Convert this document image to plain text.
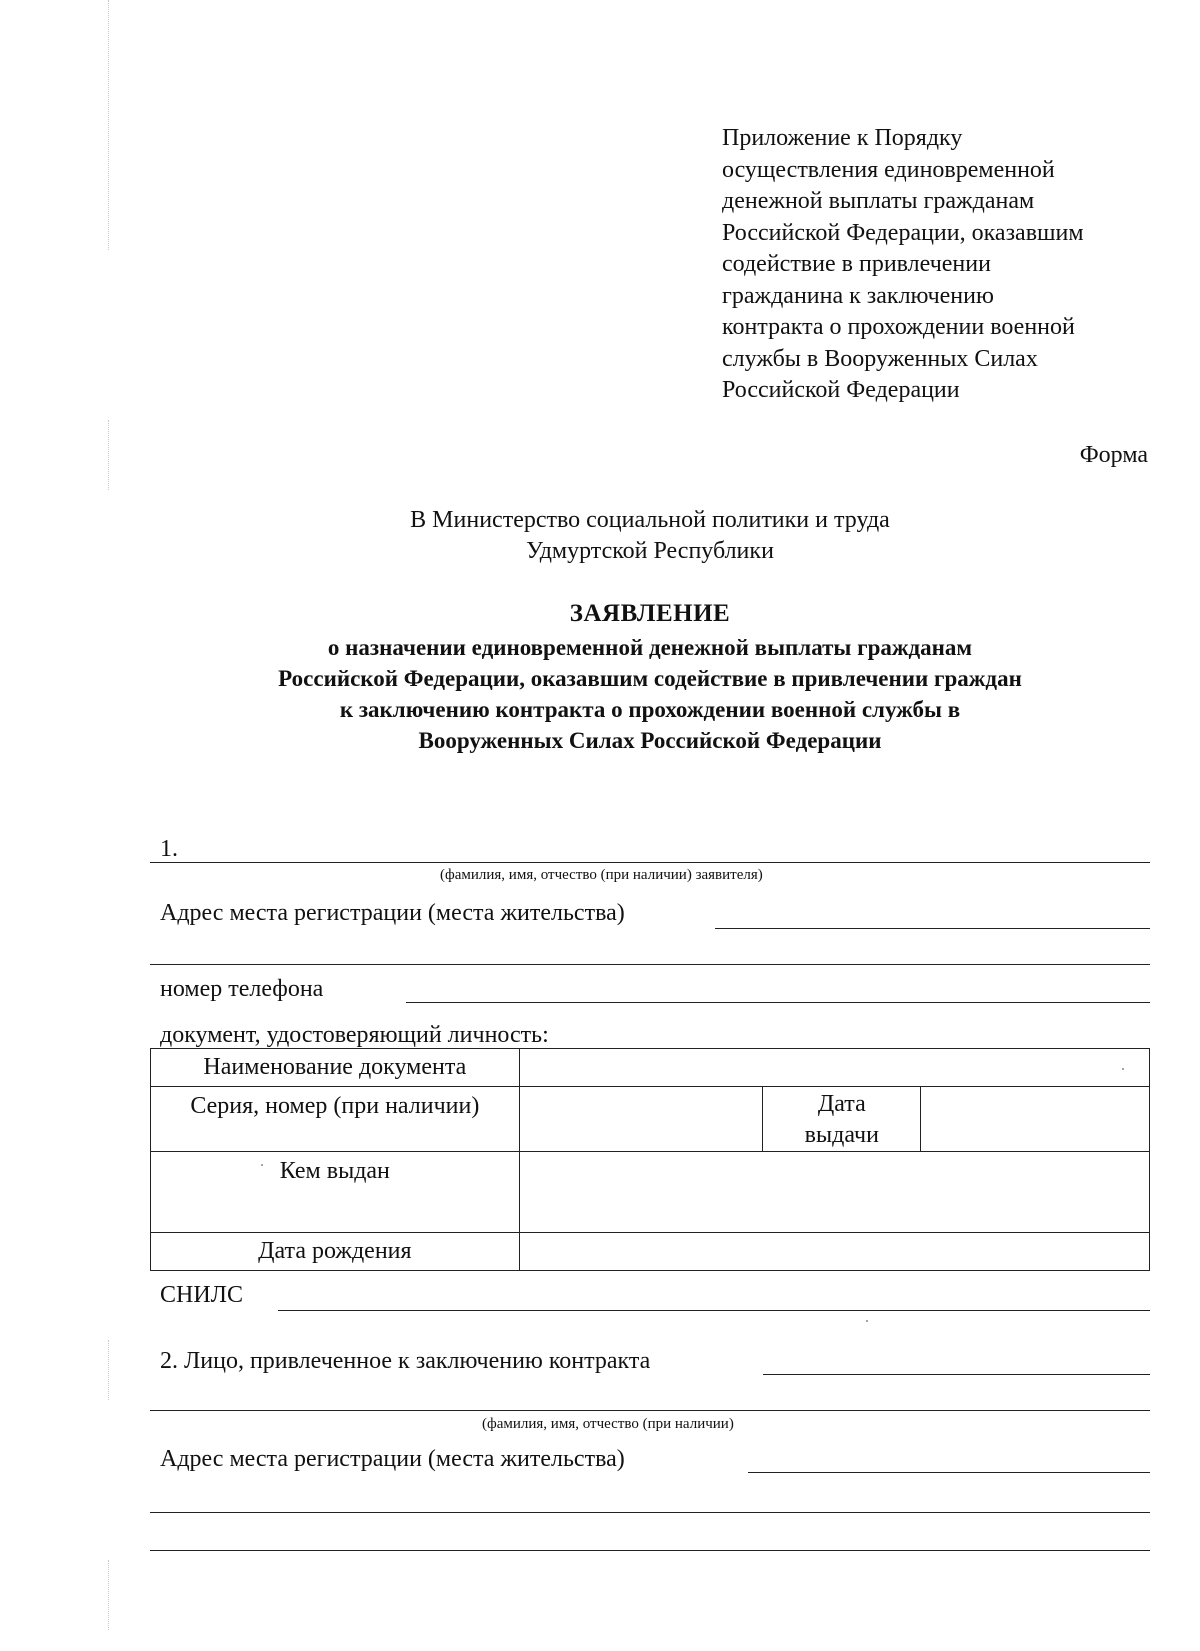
Приложение к Порядку
осуществления единовременной
денежной выплаты гражданам
Российской Федерации, оказавшим
содействие в привлечении
гражданина к заключению
контракта о прохождении военной
службы в Вооруженных Силах
Российской Федерации
Форма
В Министерство социальной политики и труда
Удмуртской Республики
ЗАЯВЛЕНИЕ
о назначении единовременной денежной выплаты гражданам
Российской Федерации, оказавшим содействие в привлечении граждан
к заключению контракта о прохождении военной службы в
Вооруженных Силах Российской Федерации
1.
(фамилия, имя, отчество (при наличии) заявителя)
Адрес места регистрации (места жительства)
номер телефона
документ, удостоверяющий личность:
Наименование документа			

Серия, номер (при наличии)		Дата
выдачи	

Кем выдан			

Дата рождения			

СНИЛС
2. Лицо, привлеченное к заключению контракта
(фамилия, имя, отчество (при наличии)
Адрес места регистрации (места жительства)
